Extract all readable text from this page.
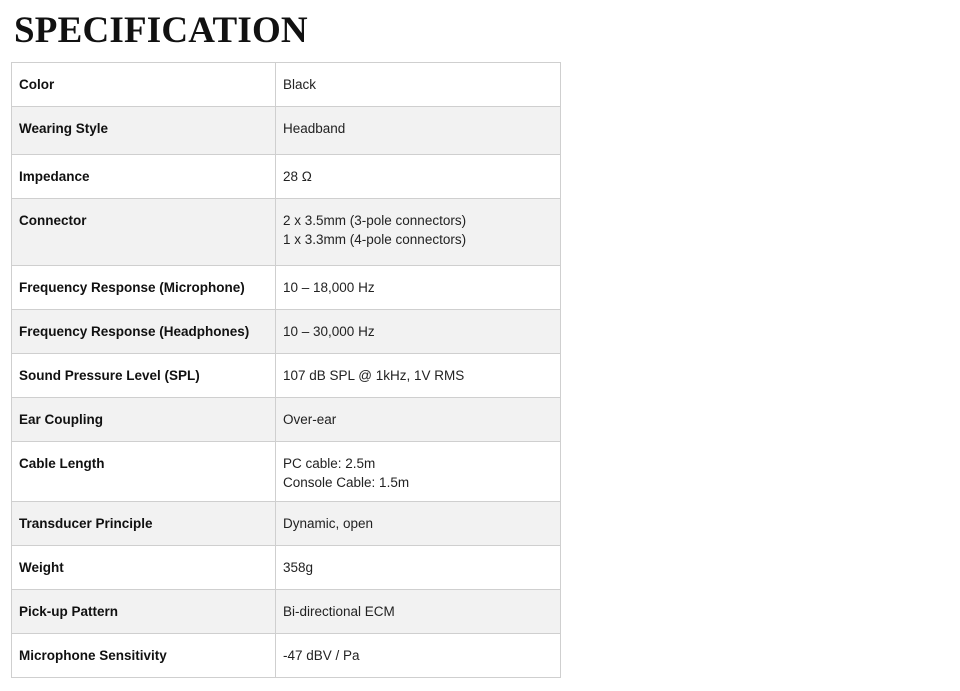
SPECIFICATION
Color	Black

Wearing Style	Headband

Impedance	28 Ω

Connector	2 x 3.5mm (3-pole connectors)
1 x 3.3mm (4-pole connectors)

Frequency Response (Microphone)	10 – 18,000 Hz

Frequency Response (Headphones)	10 – 30,000 Hz

Sound Pressure Level (SPL)	107 dB SPL @ 1kHz, 1V RMS

Ear Coupling	Over-ear

Cable Length	PC cable: 2.5m
Console Cable: 1.5m

Transducer Principle	Dynamic, open

Weight	358g

Pick-up Pattern	Bi-directional ECM

Microphone Sensitivity	-47 dBV / Pa
